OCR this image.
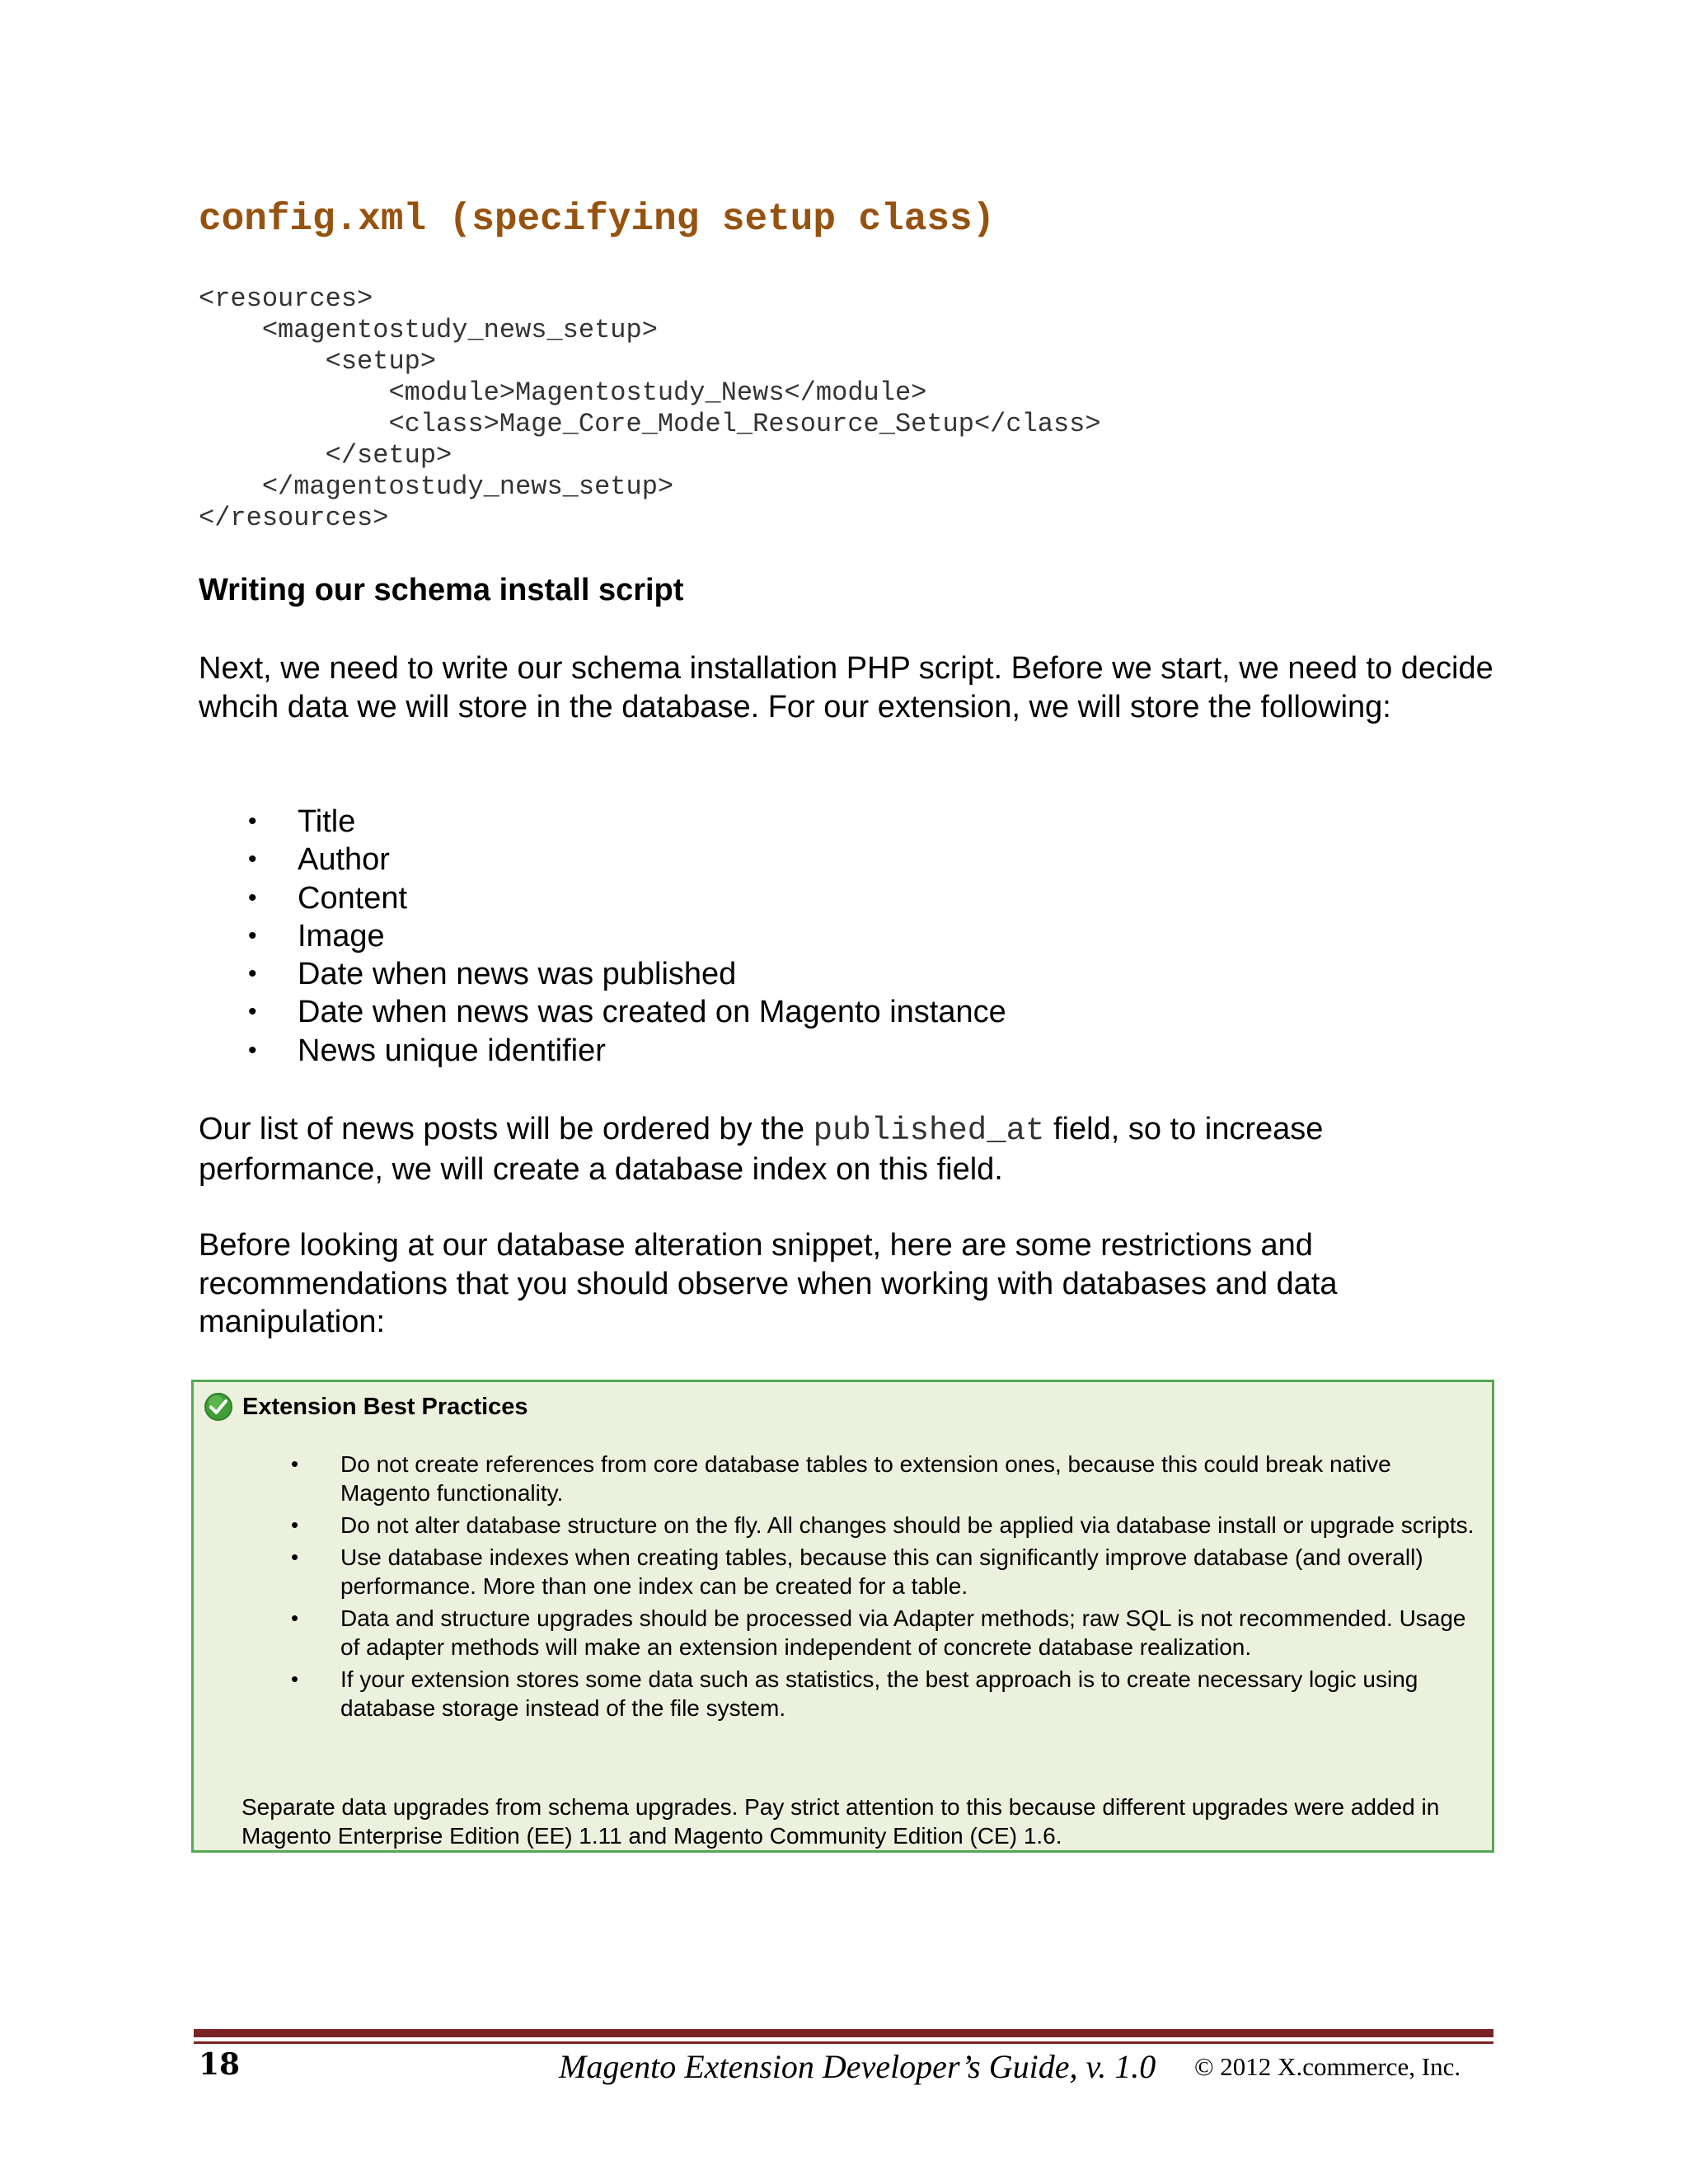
config.xml (specifying setup class)
<resources>
<magentostudy_news_setup>
<setup>
<module>Magentostudy_News</module>
<class>Mage_Core_Model_Resource_Setup</class>
</setup>
</magentostudy_news_setup>
</resources>
Writing our schema install script

Next, we need to write our schema installation PHP script. Before we start, we need to decide whcih data we will store in the database. For our extension, we will store the following:

• Title
• Author
• Content
• Image
• Date when news was published
• Date when news was created on Magento instance
• News unique identifier

Our list of news posts will be ordered by the published_at field, so to increase performance, we will create a database index on this field.

Before looking at our database alteration snippet, here are some restrictions and recommendations that you should observe when working with databases and data manipulation:

Extension Best Practices
• Do not create references from core database tables to extension ones, because this could break native Magento functionality.
• Do not alter database structure on the fly. All changes should be applied via database install or upgrade scripts.
• Use database indexes when creating tables, because this can significantly improve database (and overall) performance. More than one index can be created for a table.
• Data and structure upgrades should be processed via Adapter methods; raw SQL is not recommended. Usage of adapter methods will make an extension independent of concrete database realization.
• If your extension stores some data such as statistics, the best approach is to create necessary logic using database storage instead of the file system.

Separate data upgrades from schema upgrades. Pay strict attention to this because different upgrades were added in Magento Enterprise Edition (EE) 1.11 and Magento Community Edition (CE) 1.6.

18	Magento Extension Developer’s Guide, v. 1.0 © 2012 X.commerce, Inc.
